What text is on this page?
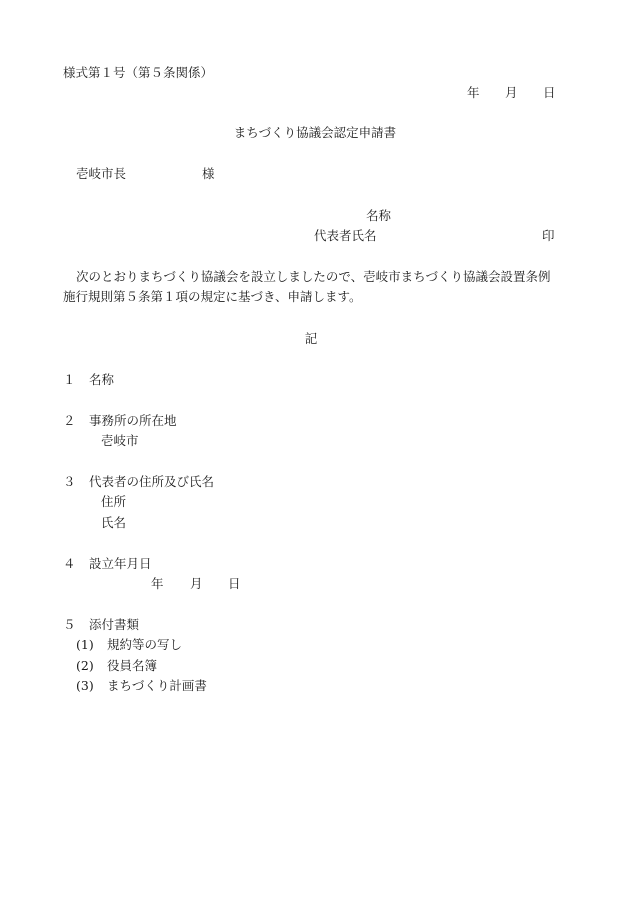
様式第１号（第５条関係）
年 月 日
まちづくり協議会認定申請書
壱岐市長	様
名称
代表者氏名	印
次のとおりまちづくり協議会を設立しましたので、壱岐市まちづくり協議会設置条例
施行規則第５条第１項の規定に基づき、申請します。
記
１ 名称
２ 事務所の所在地
壱岐市
３ 代表者の住所及び氏名
住所
氏名
４ 設立年月日
年 月 日
５ 添付書類
(1) 規約等の写し
(2) 役員名簿
(3) まちづくり計画書
